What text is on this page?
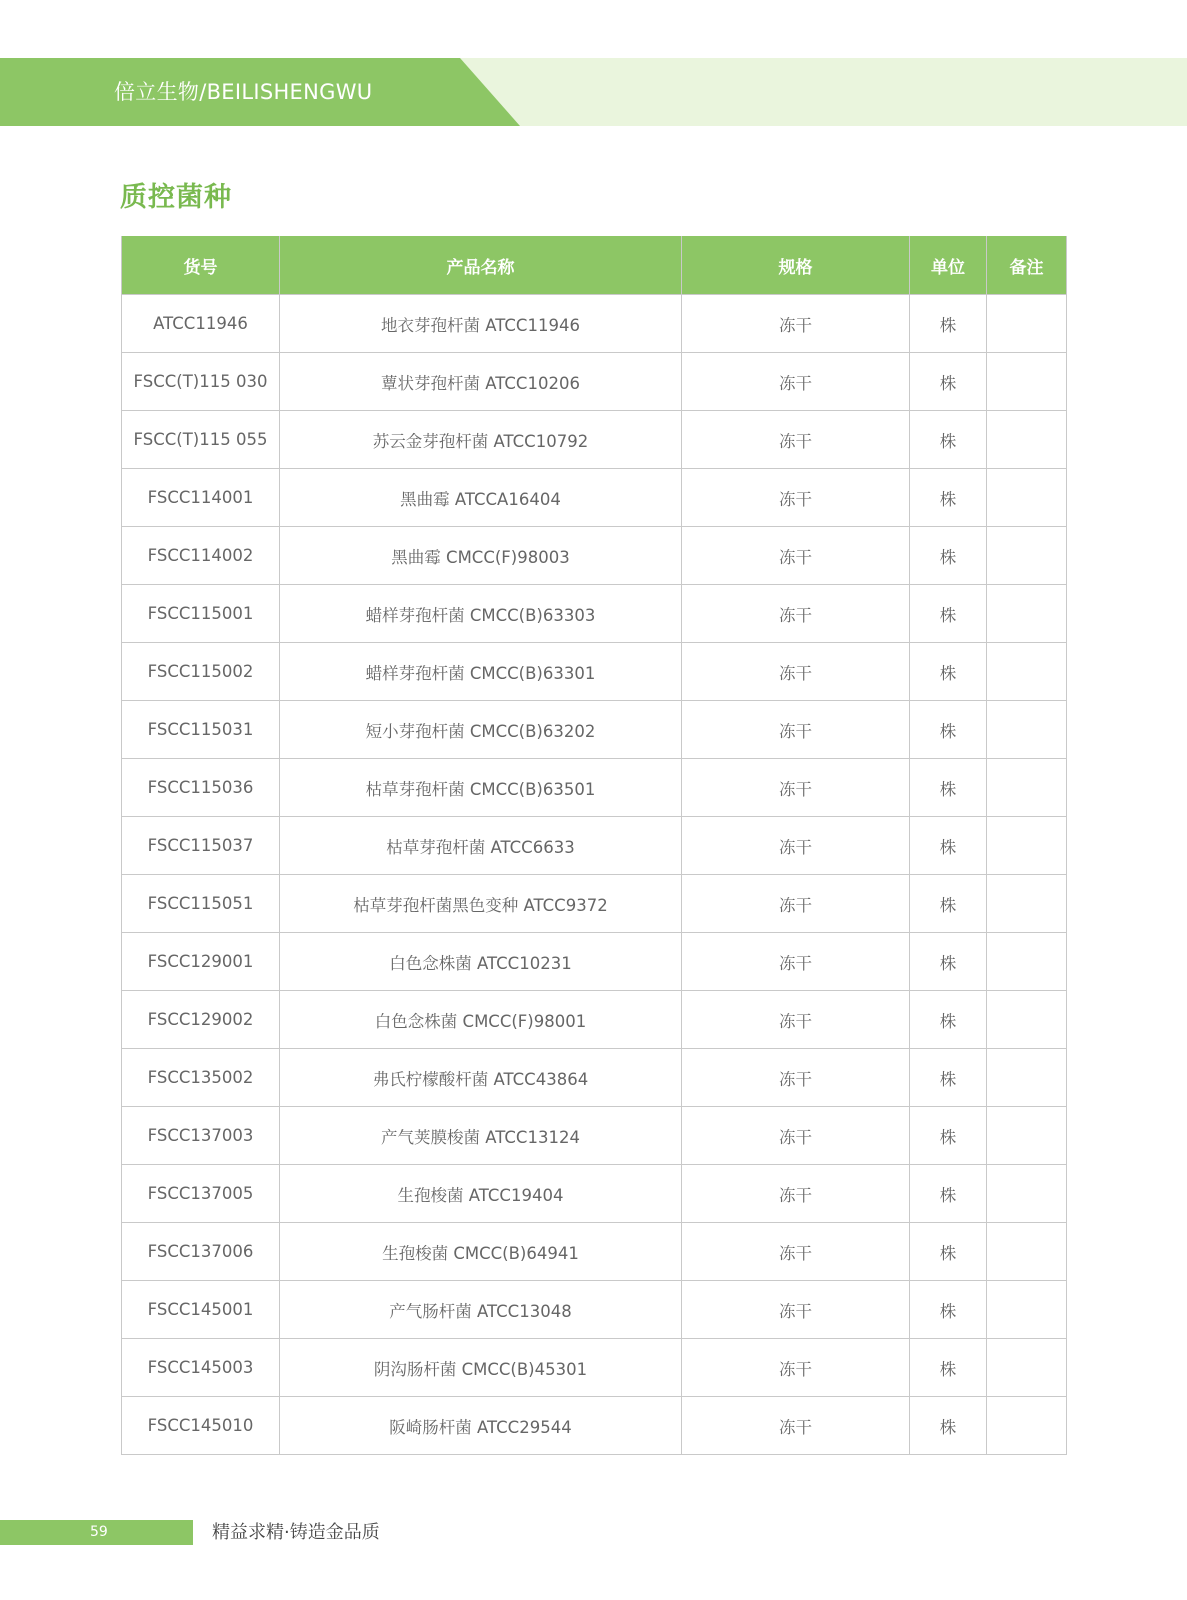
倍立生物/BEILISHENGWU
质控菌种
货号	产品名称	规格	单位	备注
ATCC11946	地衣芽孢杆菌 ATCC11946	冻干	株	
FSCC(T)115 030	蕈状芽孢杆菌 ATCC10206	冻干	株	
FSCC(T)115 055	苏云金芽孢杆菌 ATCC10792	冻干	株	
FSCC114001	黑曲霉 ATCCA16404	冻干	株	
FSCC114002	黑曲霉 CMCC(F)98003	冻干	株	
FSCC115001	蜡样芽孢杆菌 CMCC(B)63303	冻干	株	
FSCC115002	蜡样芽孢杆菌 CMCC(B)63301	冻干	株	
FSCC115031	短小芽孢杆菌 CMCC(B)63202	冻干	株	
FSCC115036	枯草芽孢杆菌 CMCC(B)63501	冻干	株	
FSCC115037	枯草芽孢杆菌 ATCC6633	冻干	株	
FSCC115051	枯草芽孢杆菌黑色变种 ATCC9372	冻干	株	
FSCC129001	白色念株菌 ATCC10231	冻干	株	
FSCC129002	白色念株菌 CMCC(F)98001	冻干	株	
FSCC135002	弗氏柠檬酸杆菌 ATCC43864	冻干	株	
FSCC137003	产气荚膜梭菌 ATCC13124	冻干	株	
FSCC137005	生孢梭菌 ATCC19404	冻干	株	
FSCC137006	生孢梭菌 CMCC(B)64941	冻干	株	
FSCC145001	产气肠杆菌 ATCC13048	冻干	株	
FSCC145003	阴沟肠杆菌 CMCC(B)45301	冻干	株	
FSCC145010	阪崎肠杆菌 ATCC29544	冻干	株	
59	精益求精·铸造金品质
